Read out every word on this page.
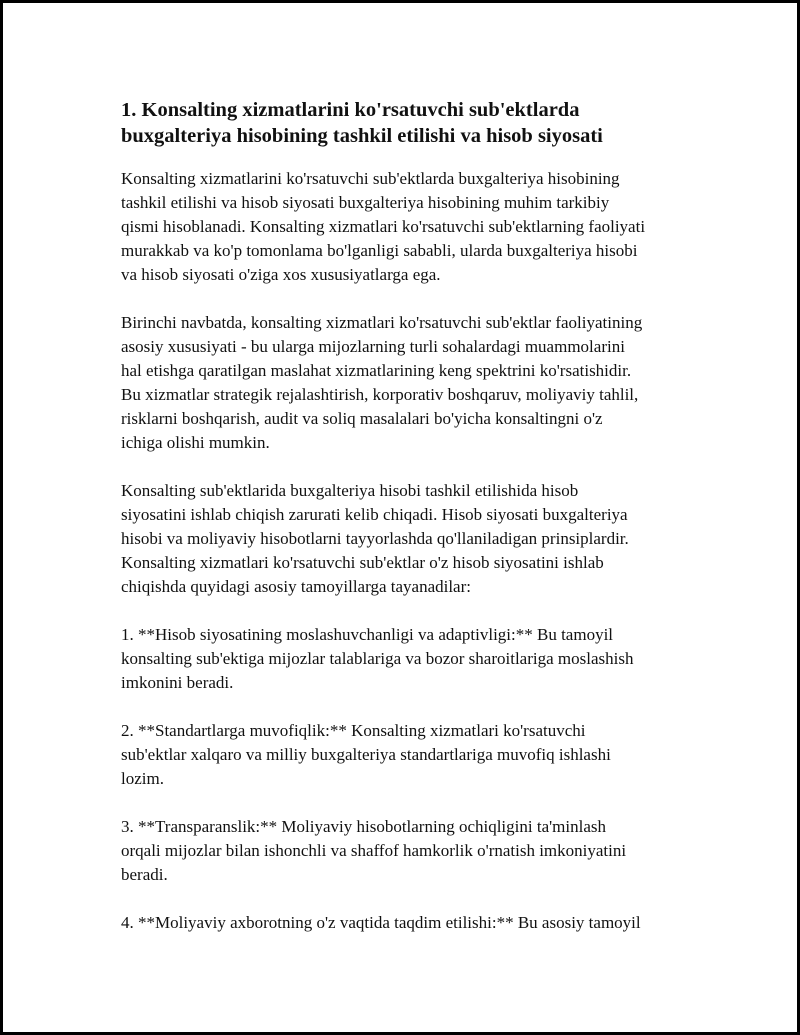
1. Konsalting xizmatlarini ko'rsatuvchi sub'ektlarda
buxgalteriya hisobining tashkil etilishi va hisob siyosati

Konsalting xizmatlarini ko'rsatuvchi sub'ektlarda buxgalteriya hisobining
tashkil etilishi va hisob siyosati buxgalteriya hisobining muhim tarkibiy
qismi hisoblanadi. Konsalting xizmatlari ko'rsatuvchi sub'ektlarning faoliyati
murakkab va ko'p tomonlama bo'lganligi sababli, ularda buxgalteriya hisobi
va hisob siyosati o'ziga xos xususiyatlarga ega.

Birinchi navbatda, konsalting xizmatlari ko'rsatuvchi sub'ektlar faoliyatining
asosiy xususiyati - bu ularga mijozlarning turli sohalardagi muammolarini
hal etishga qaratilgan maslahat xizmatlarining keng spektrini ko'rsatishidir.
Bu xizmatlar strategik rejalashtirish, korporativ boshqaruv, moliyaviy tahlil,
risklarni boshqarish, audit va soliq masalalari bo'yicha konsaltingni o'z
ichiga olishi mumkin.

Konsalting sub'ektlarida buxgalteriya hisobi tashkil etilishida hisob
siyosatini ishlab chiqish zarurati kelib chiqadi. Hisob siyosati buxgalteriya
hisobi va moliyaviy hisobotlarni tayyorlashda qo'llaniladigan prinsiplardir.
Konsalting xizmatlari ko'rsatuvchi sub'ektlar o'z hisob siyosatini ishlab
chiqishda quyidagi asosiy tamoyillarga tayanadilar:

1. **Hisob siyosatining moslashuvchanligi va adaptivligi:** Bu tamoyil
konsalting sub'ektiga mijozlar talablariga va bozor sharoitlariga moslashish
imkonini beradi.

2. **Standartlarga muvofiqlik:** Konsalting xizmatlari ko'rsatuvchi
sub'ektlar xalqaro va milliy buxgalteriya standartlariga muvofiq ishlashi
lozim.

3. **Transparanslik:** Moliyaviy hisobotlarning ochiqligini ta'minlash
orqali mijozlar bilan ishonchli va shaffof hamkorlik o'rnatish imkoniyatini
beradi.

4. **Moliyaviy axborotning o'z vaqtida taqdim etilishi:** Bu asosiy tamoyil
